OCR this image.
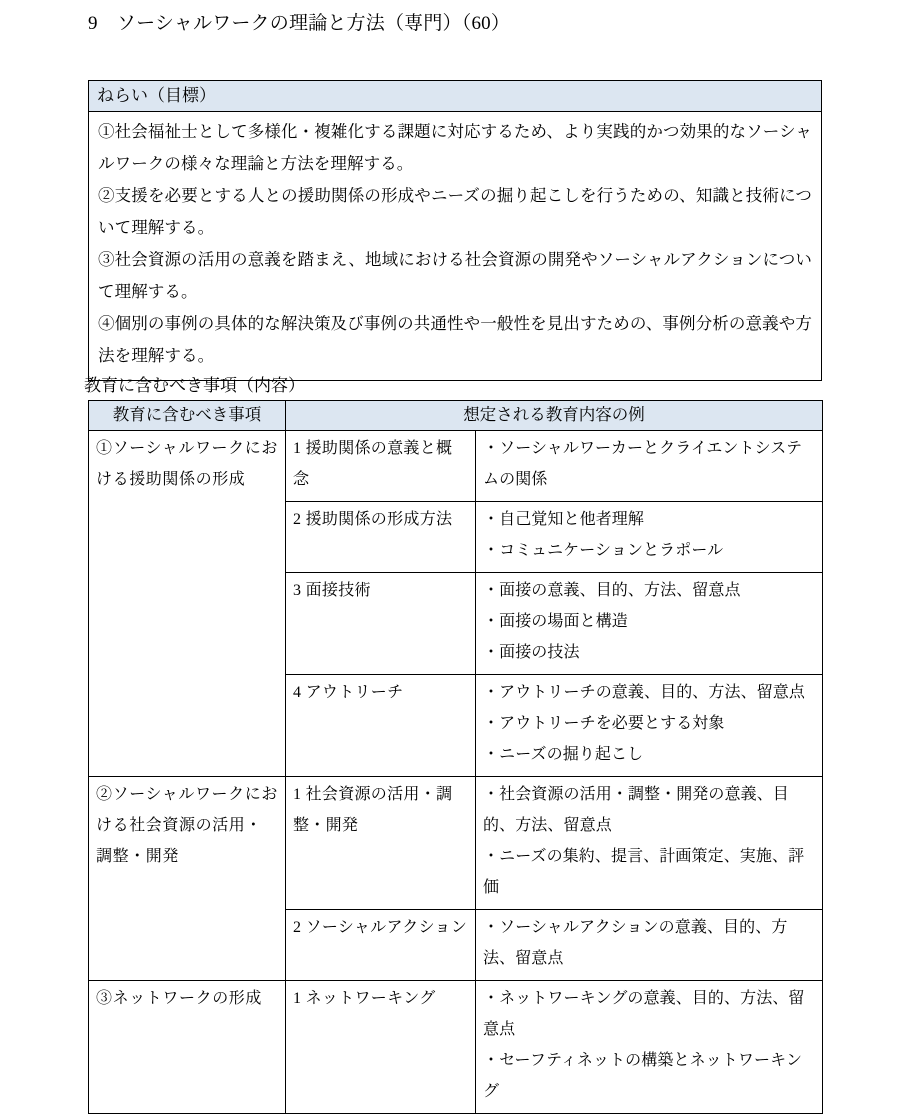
9　ソーシャルワークの理論と方法（専門）（60）
ねらい（目標）

①社会福祉士として多様化・複雑化する課題に対応するため、より実践的かつ効果的なソーシャルワークの様々な理論と方法を理解する。

②支援を必要とする人との援助関係の形成やニーズの掘り起こしを行うための、知識と技術について理解する。

③社会資源の活用の意義を踏まえ、地域における社会資源の開発やソーシャルアクションについて理解する。

④個別の事例の具体的な解決策及び事例の共通性や一般性を見出すための、事例分析の意義や方法を理解する。

教育に含むべき事項（内容）
教育に含むべき事項	想定される教育内容の例	
①ソーシャルワークにおける援助関係の形成	1 援助関係の意義と概念	・ソーシャルワーカーとクライエントシステムの関係

	2 援助関係の形成方法	・自己覚知と他者理解
・コミュニケーションとラポール

	3 面接技術	・面接の意義、目的、方法、留意点
・面接の場面と構造
・面接の技法

	4 アウトリーチ	・アウトリーチの意義、目的、方法、留意点
・アウトリーチを必要とする対象
・ニーズの掘り起こし

②ソーシャルワークにおける社会資源の活用・調整・開発	1 社会資源の活用・調整・開発	・社会資源の活用・調整・開発の意義、目的、方法、留意点
・ニーズの集約、提言、計画策定、実施、評価

	2 ソーシャルアクション	・ソーシャルアクションの意義、目的、方法、留意点

③ネットワークの形成	1 ネットワーキング	・ネットワーキングの意義、目的、方法、留意点
・セーフティネットの構築とネットワーキング
